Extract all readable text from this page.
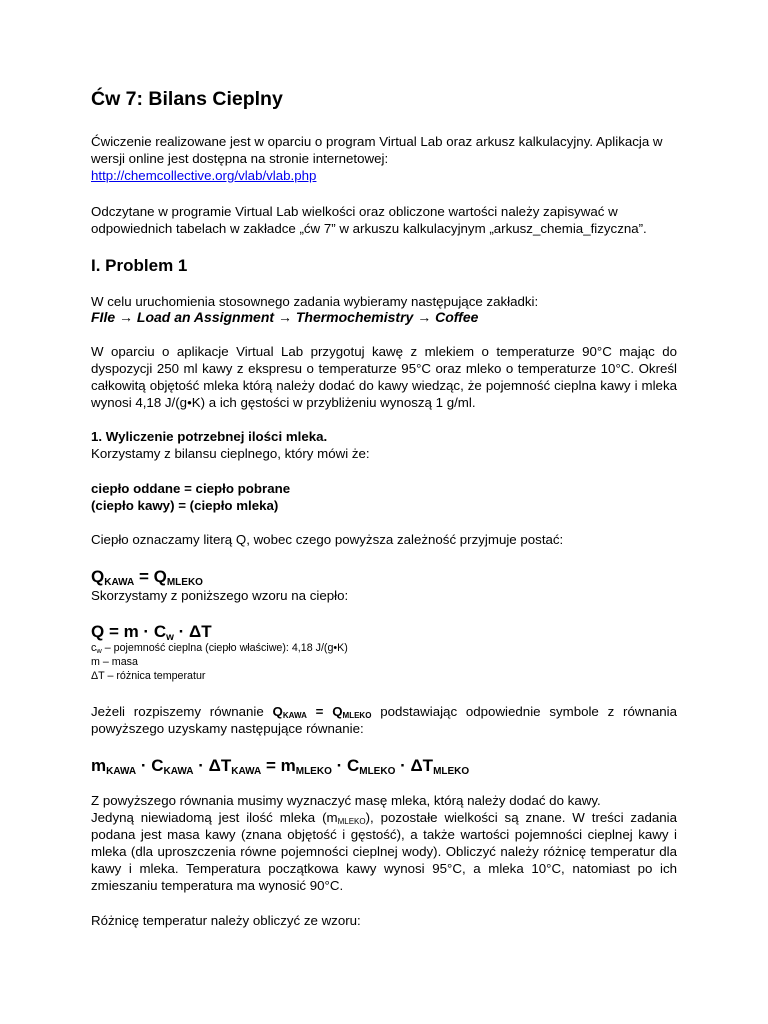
Ćw 7: Bilans Cieplny
Ćwiczenie realizowane jest w oparciu o program Virtual Lab oraz arkusz kalkulacyjny. Aplikacja w
wersji online jest dostępna na stronie internetowej:
http://chemcollective.org/vlab/vlab.php
Odczytane w programie Virtual Lab wielkości oraz obliczone wartości należy zapisywać w
odpowiednich tabelach w zakładce „ćw 7” w arkuszu kalkulacyjnym „arkusz_chemia_fizyczna”.
I. Problem 1
W celu uruchomienia stosownego zadania wybieramy następujące zakładki:
FIle → Load an Assignment → Thermochemistry → Coffee
W oparciu o aplikacje Virtual Lab przygotuj kawę z mlekiem o temperaturze 90°C mając do dyspozycji 250 ml kawy z ekspresu o temperaturze 95°C oraz mleko o temperaturze 10°C. Określ całkowitą objętość mleka którą należy dodać do kawy wiedząc, że pojemność cieplna kawy i mleka wynosi 4,18 J/(g•K) a ich gęstości w przybliżeniu wynoszą 1 g/ml.
1. Wyliczenie potrzebnej ilości mleka.
Korzystamy z bilansu cieplnego, który mówi że:
ciepło oddane = ciepło pobrane
(ciepło kawy) = (ciepło mleka)
Ciepło oznaczamy literą Q, wobec czego powyższa zależność przyjmuje postać:
$Q_{KAWA} = Q_{MLEKO}$
Skorzystamy z poniższego wzoru na ciepło:
$Q = m \cdot C_w \cdot \Delta T$
$c_w$ – pojemność cieplna (ciepło właściwe): 4,18 J/(g•K)
m – masa
ΔT – różnica temperatur
Jeżeli rozpiszemy równanie $Q_{KAWA} = Q_{MLEKO}$ podstawiając odpowiednie symbole z równania powyższego uzyskamy następujące równanie:
$m_{KAWA} \cdot C_{KAWA} \cdot \Delta T_{KAWA} = m_{MLEKO} \cdot C_{MLEKO} \cdot \Delta T_{MLEKO}$
Z powyższego równania musimy wyznaczyć masę mleka, którą należy dodać do kawy.
Jedyną niewiadomą jest ilość mleka $(m_{MLEKO})$, pozostałe wielkości są znane. W treści zadania podana jest masa kawy (znana objętość i gęstość), a także wartości pojemności cieplnej kawy i mleka (dla uproszczenia równe pojemności cieplnej wody). Obliczyć należy różnicę temperatur dla kawy i mleka. Temperatura początkowa kawy wynosi 95°C, a mleka 10°C, natomiast po ich zmieszaniu temperatura ma wynosić 90°C.
Różnicę temperatur należy obliczyć ze wzoru:
